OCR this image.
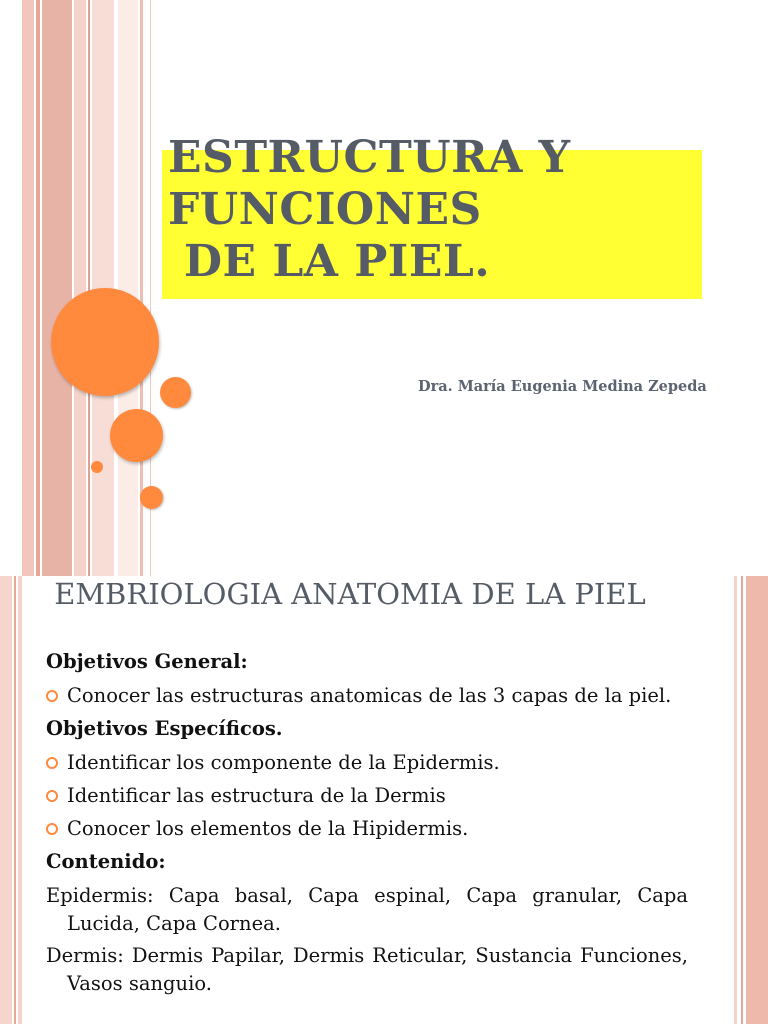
ESTRUCTURA Y
FUNCIONES
DE LA PIEL.
Dra. María Eugenia Medina Zepeda
EMBRIOLOGIA ANATOMIA DE LA PIEL
Objetivos General:
Conocer las estructuras anatomicas de las 3 capas de la piel.
Objetivos Específicos.
Identificar los componente de la Epidermis.
Identificar las estructura de la Dermis
Conocer los elementos de la Hipidermis.
Contenido:
Epidermis: Capa basal, Capa espinal, Capa granular, Capa Lucida, Capa Cornea.
Dermis: Dermis Papilar, Dermis Reticular, Sustancia Funciones, Vasos sanguio.
